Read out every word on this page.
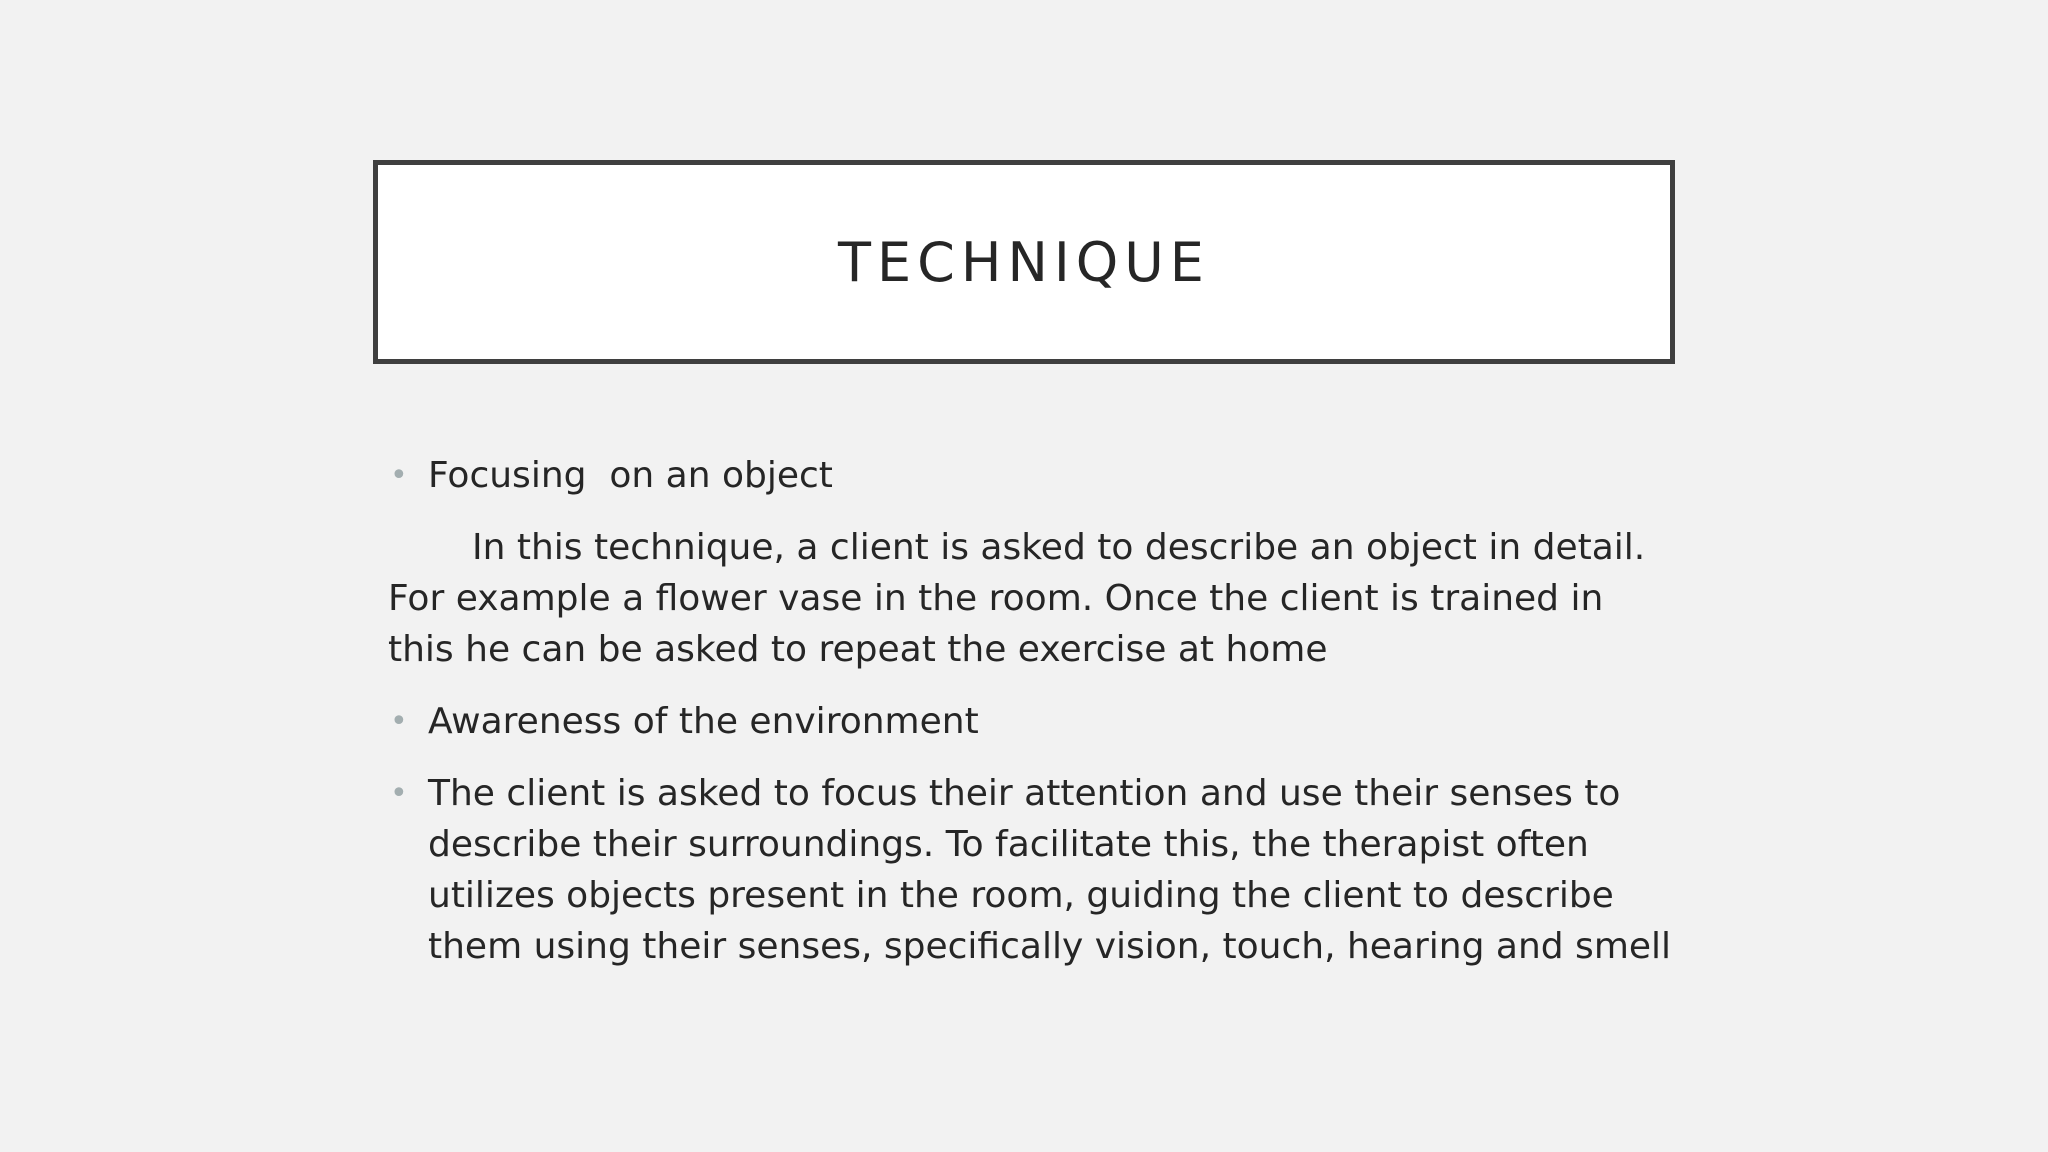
TECHNIQUE
• Focusing  on an object

In this technique, a client is asked to describe an object in detail. For example a flower vase in the room. Once the client is trained in this he can be asked to repeat the exercise at home

• Awareness of the environment
• The client is asked to focus their attention and use their senses to describe their surroundings. To facilitate this, the therapist often utilizes objects present in the room, guiding the client to describe them using their senses, specifically vision, touch, hearing and smell
